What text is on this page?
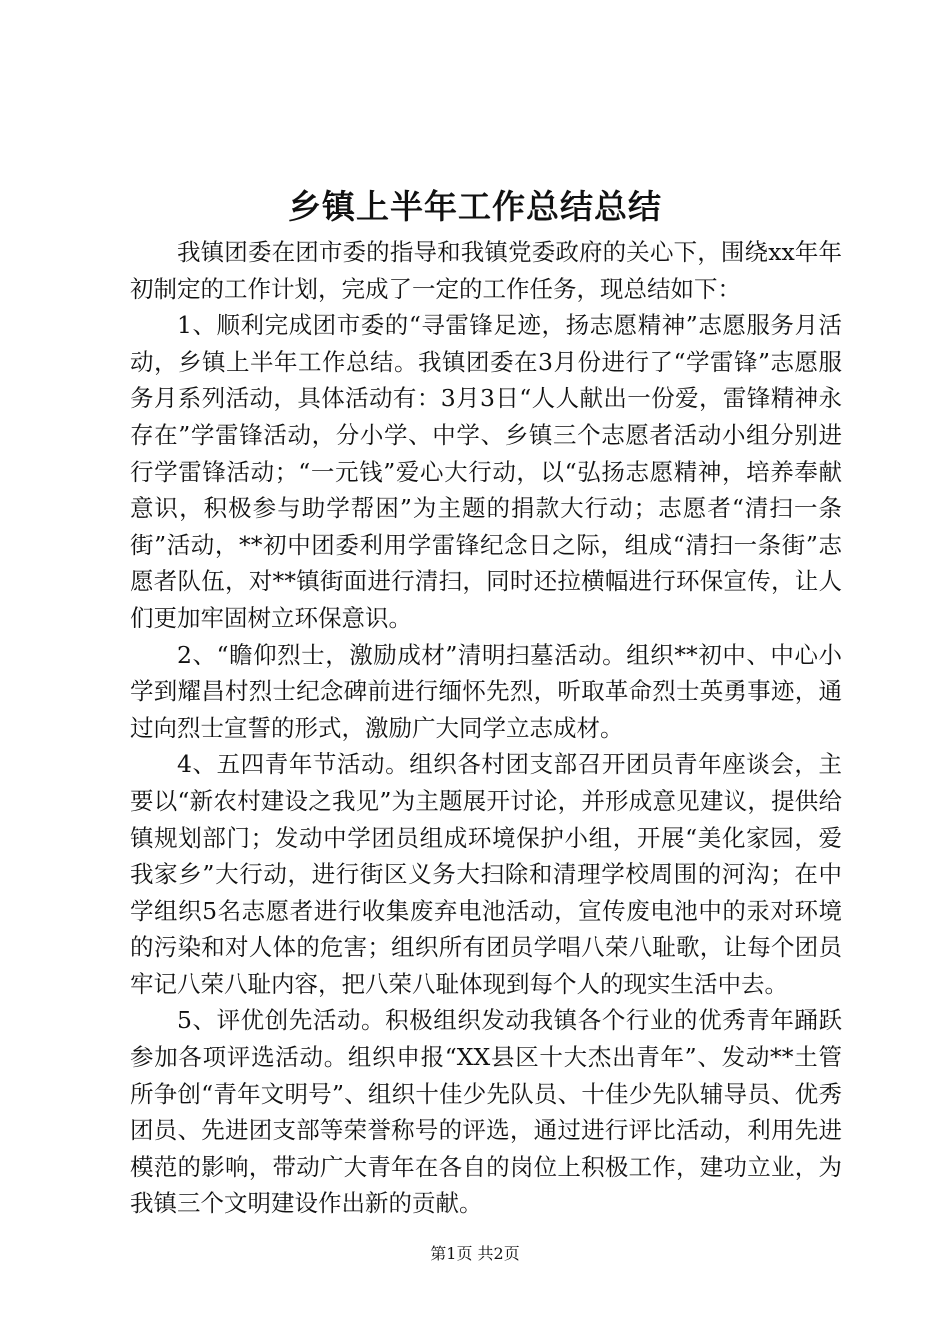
乡镇上半年工作总结总结

我镇团委在团市委的指导和我镇党委政府的关心下，围绕xx年年初制定的工作计划，完成了一定的工作任务，现总结如下：

1、顺利完成团市委的“寻雷锋足迹，扬志愿精神”志愿服务月活动，乡镇上半年工作总结。我镇团委在3月份进行了“学雷锋”志愿服务月系列活动，具体活动有：3月3日“人人献出一份爱，雷锋精神永存在”学雷锋活动，分小学、中学、乡镇三个志愿者活动小组分别进行学雷锋活动；“一元钱”爱心大行动，以“弘扬志愿精神，培养奉献意识，积极参与助学帮困”为主题的捐款大行动；志愿者“清扫一条街”活动，**初中团委利用学雷锋纪念日之际，组成“清扫一条街”志愿者队伍，对**镇街面进行清扫，同时还拉横幅进行环保宣传，让人们更加牢固树立环保意识。

2、“瞻仰烈士，激励成材”清明扫墓活动。组织**初中、中心小学到耀昌村烈士纪念碑前进行缅怀先烈，听取革命烈士英勇事迹，通过向烈士宣誓的形式，激励广大同学立志成材。

4、五四青年节活动。组织各村团支部召开团员青年座谈会，主要以“新农村建设之我见”为主题展开讨论，并形成意见建议，提供给镇规划部门；发动中学团员组成环境保护小组，开展“美化家园，爱我家乡”大行动，进行街区义务大扫除和清理学校周围的河沟；在中学组织5名志愿者进行收集废弃电池活动，宣传废电池中的汞对环境的污染和对人体的危害；组织所有团员学唱八荣八耻歌，让每个团员牢记八荣八耻内容，把八荣八耻体现到每个人的现实生活中去。

5、评优创先活动。积极组织发动我镇各个行业的优秀青年踊跃参加各项评选活动。组织申报“XX县区十大杰出青年”、发动**土管所争创“青年文明号”、组织十佳少先队员、十佳少先队辅导员、优秀团员、先进团支部等荣誉称号的评选，通过进行评比活动，利用先进模范的影响，带动广大青年在各自的岗位上积极工作，建功立业，为我镇三个文明建设作出新的贡献。

第1页 共2页
